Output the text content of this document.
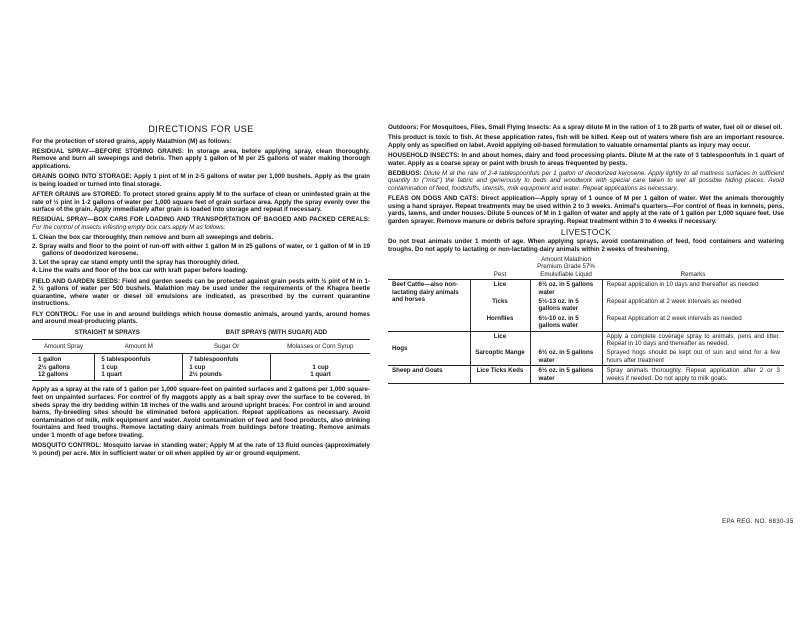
DIRECTIONS FOR USE

For the protection of stored grains, apply Malathion (M) as follows:

RESIDUAL SPRAY—BEFORE STORING GRAINS: In storage area, before applying spray, clean thoroughly. Remove and burn all sweepings and debris. Then apply 1 gallon of M per 25 gallons of water making thorough applications.

GRAINS GOING INTO STORAGE: Apply 1 pint of M in 2-5 gallons of water per 1,000 bushels. Apply as the grain is being loaded or turned into final storage.

AFTER GRAINS are STORED: To protect stored grains apply M to the surface of clean or uninfested grain at the rate of ½ pint in 1-2 gallons of water per 1,000 square feet of grain surface area. Apply the spray evenly over the surface of the grain. Apply immediately after grain is loaded into storage and repeat if necessary.

RESIDUAL SPRAY—BOX CARS FOR LOADING AND TRANSPORTATION OF BAGGED AND PACKED CEREALS: For the control of insects infesting empty box cars apply M as follows:

1. Clean the box car thoroughly, then remove and burn all sweepings and debris.
2. Spray walls and floor to the point of run-off with either 1 gallon M in 25 gallons of water, or 1 gallon of M in 19 gallons of deodorized kerosene.
3. Let the spray car stand empty until the spray has thoroughly dried.
4. Line the walls and floor of the box car with kraft paper before loading.

FIELD AND GARDEN SEEDS: Field and garden seeds can be protected against grain pests with ½ pint of M in 1-2 ½ gallons of water per 500 bushels. Malathion may be used under the requirements of the Khapra beetle quarantine, where water or diesel oil emulsions are indicated, as prescribed by the current quarantine instructions.

FLY CONTROL: For use in and around buildings which house domestic animals, around yards, around homes and around meat-producing plants.

STRAIGHT M SPRAYS		BAIT SPRAYS (WITH SUGAR) ADD	
Amount Spray	Amount M	Sugar Or	Molasses or Corn Syrup
1 gallon	5 tablespoonfuls	7 tablespoonfuls	
2½ gallons	1 cup	1 cup	1 cup
12 gallons	1 quart	2½ pounds	1 quart

Apply as a spray at the rate of 1 gallon per 1,000 square-feet on painted surfaces and 2 gallons per 1,000 square-feet on unpainted surfaces. For control of fly maggots apply as a bait spray over the surface to be covered. In sheds spray the dry bedding within 18 inches of the walls and around upright braces. For control in and around barns, fly-breeding sites should be eliminated before application. Repeat applications as necessary. Avoid contamination of milk, milk equipment and water. Avoid contamination of feed and food products, also drinking fountains and feed troughs. Remove lactating dairy animals from buildings before treating. Remove animals under 1 month of age before treating.

MOSQUITO CONTROL: Mosquito larvae in standing water; Apply M at the rate of 13 fluid ounces (approximately ½ pound) per acre. Mix in sufficient water or oil when applied by air or ground equipment.

Outdoors: For Mosquitoes, Flies, Small Flying Insects: As a spray dilute M in the ration of 1 to 28 parts of water, fuel oil or diesel oil.

This product is toxic to fish. At these application rates, fish will be killed. Keep out of waters where fish are an important resource. Apply only as specified on label. Avoid applying oil-based formulation to valuable ornamental plants as injury may occur.

HOUSEHOLD INSECTS: In and about homes, dairy and food processing plants. Dilute M at the rate of 3 tablespoonfuls in 1 quart of water. Apply as a coarse spray or paint with brush to areas frequented by pests.

BEDBUGS: Dilute M at the rate of 2-4 tablespoonfuls per 1 gallon of deodorized kerosene. Apply lightly to all mattress surfaces in sufficient quantity to ("mist") the fabric and generously to beds and woodwork with special care taken to wet all possible hiding places. Avoid contamination of feed, foodstuffs, utensils, milk equipment and water. Repeat applications as necessary.

FLEAS ON DOGS AND CATS: Direct application—Apply spray of 1 ounce of M per 1 gallon of water. Wet the animals thoroughly using a hand sprayer. Repeat treatments may be used within 2 to 3 weeks. Animal's quarters—For control of fleas in kennels, pens, yards, lawns, and under houses. Dilute 5 ounces of M in 1 gallon of water and apply at the rate of 1 gallon per 1,000 square feet. Use garden sprayer. Remove manure or debris before spraying. Repeat treatment within 3 to 4 weeks if necessary.

LIVESTOCK

Do not treat animals under 1 month of age. When applying sprays, avoid contamination of feed, food containers and watering troughs. Do not apply to lactating or non-lactating dairy animals within 2 weeks of freshening.

	Pest	Amount Malathion Premium Grade 57% Emulsifiable Liquid	Remarks
Beef Cattle—also non-lactating dairy animals and horses	Lice	6½ oz. in 5 gallons water	Repeat application in 10 days and thereafter as needed
	Ticks	5½-13 oz. in 5 gallons water	Repeat application at 2 week intervals as needed
	Hornflies	6½-10 oz. in 5 gallons water	Repeat Application at 2 week intervals as needed
Hogs	Lice		Apply a complete coverage spray to animals, pens and litter. Repeat in 10 days and thereafter as needed.
	Sarcoptic Mange	6½ oz. in 5 gallons water	Sprayed hogs should be kept out of sun and wind for a few hours after treatment
Sheep and Goats	Lice Ticks Keds	6½ oz. in 5 gallons water	Spray animals thoroughly. Repeat application after 2 or 3 weeks if needed. Do not apply to milk goats.
EPA REG. NO. 6830-35
